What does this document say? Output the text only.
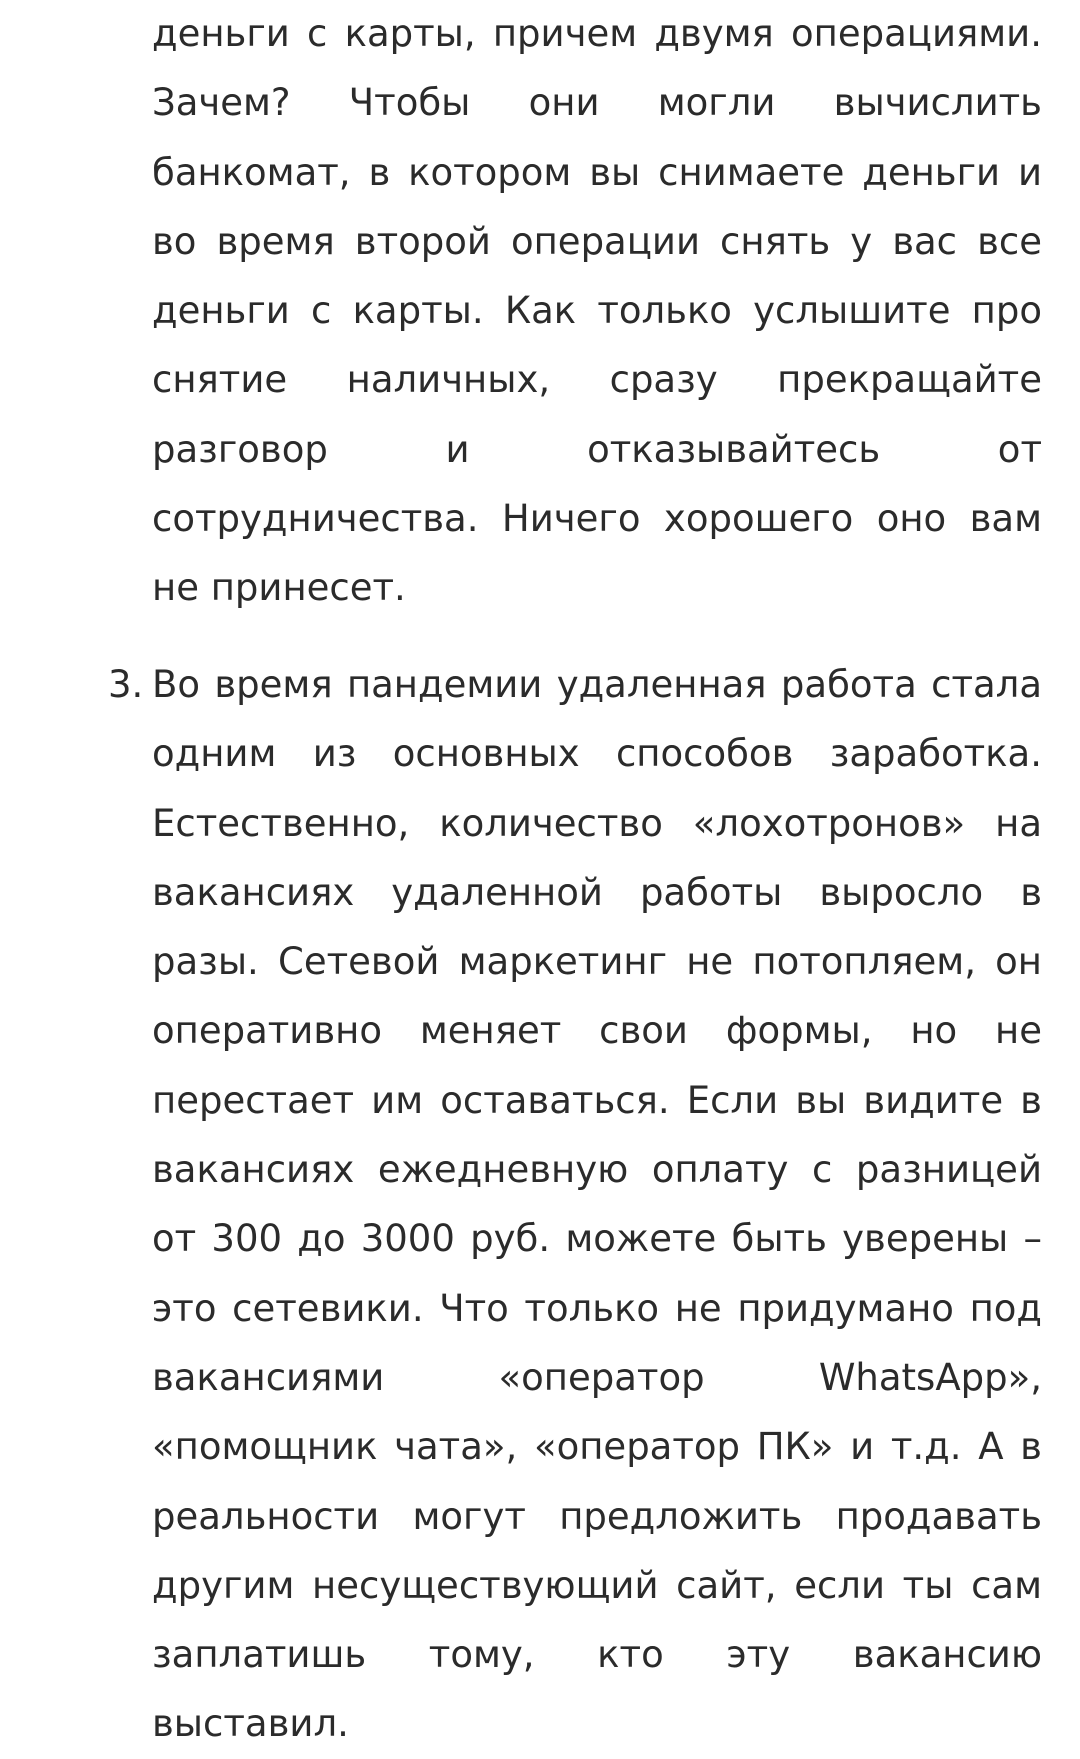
деньги с карты, причем двумя операциями. Зачем? Чтобы они могли вычислить банкомат, в котором вы снимаете деньги и во время второй операции снять у вас все деньги с карты. Как только услышите про снятие наличных, сразу прекращайте разговор и отказывайтесь от сотрудничества. Ничего хорошего оно вам не принесет.

3. Во время пандемии удаленная работа стала одним из основных способов заработка. Естественно, количество «лохотронов» на вакансиях удаленной работы выросло в разы. Сетевой маркетинг не потопляем, он оперативно меняет свои формы, но не перестает им оставаться. Если вы видите в вакансиях ежедневную оплату с разницей от 300 до 3000 руб. можете быть уверены – это сетевики. Что только не придумано под вакансиями «оператор WhatsApp», «помощник чата», «оператор ПК» и т.д. А в реальности могут предложить продавать другим несуществующий сайт, если ты сам заплатишь тому, кто эту вакансию выставил.
